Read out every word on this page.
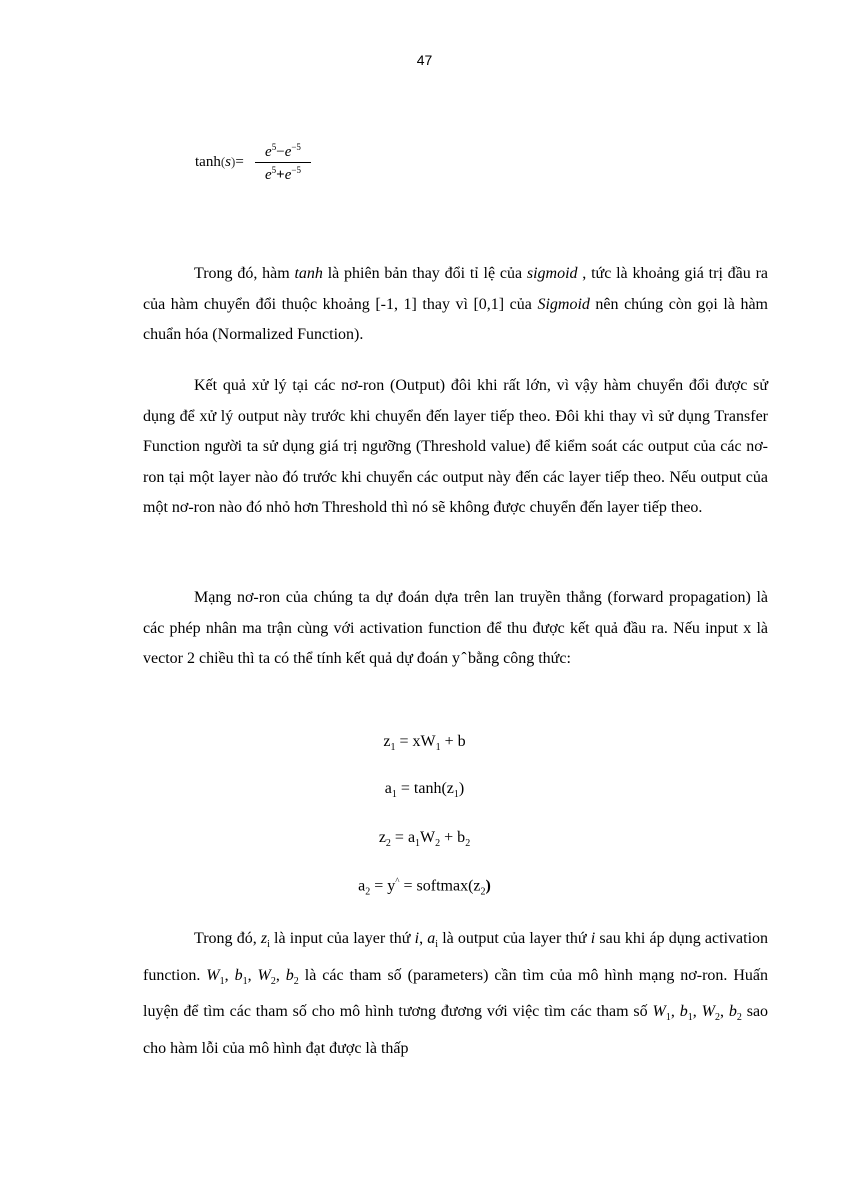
47
tanh(s)=
$e^5-e^{-5}$
$e^5+e^{-5}$

Trong đó, hàm tanh là phiên bản thay đổi tỉ lệ của sigmoid , tức là khoảng giá trị đầu ra của hàm chuyển đổi thuộc khoảng [-1, 1] thay vì [0,1] của Sigmoid nên chúng còn gọi là hàm chuẩn hóa (Normalized Function).

Kết quả xử lý tại các nơ-ron (Output) đôi khi rất lớn, vì vậy hàm chuyển đổi được sử dụng để xử lý output này trước khi chuyển đến layer tiếp theo. Đôi khi thay vì sử dụng Transfer Function người ta sử dụng giá trị ngưỡng (Threshold value) để kiểm soát các output của các nơ-ron tại một layer nào đó trước khi chuyển các output này đến các layer tiếp theo. Nếu output của một nơ-ron nào đó nhỏ hơn Threshold thì nó sẽ không được chuyển đến layer tiếp theo.

Mạng nơ-ron của chúng ta dự đoán dựa trên lan truyền thẳng (forward propagation) là các phép nhân ma trận cùng với activation function để thu được kết quả đầu ra. Nếu input x là vector 2 chiều thì ta có thể tính kết quả dự đoán y ̂ bằng công thức:

$z_1 = xW_1 + b$
$a_1 = \tanh(z_1)$
$z_2 = a_1W_2 + b_2$
$a_2 = y^{\^{}}$ = $softmax(z_2)$

Trong đó, $z_i$ là input của layer thứ i, $a_i$ là output của layer thứ i sau khi áp dụng activation function. $W_1$, $b_1$, $W_2$, $b_2$ là các tham số (parameters) cần tìm của mô hình mạng nơ-ron. Huấn luyện để tìm các tham số cho mô hình tương đương với việc tìm các tham số $W_1$, $b_1$, $W_2$, $b_2$ sao cho hàm lỗi của mô hình đạt được là thấp
